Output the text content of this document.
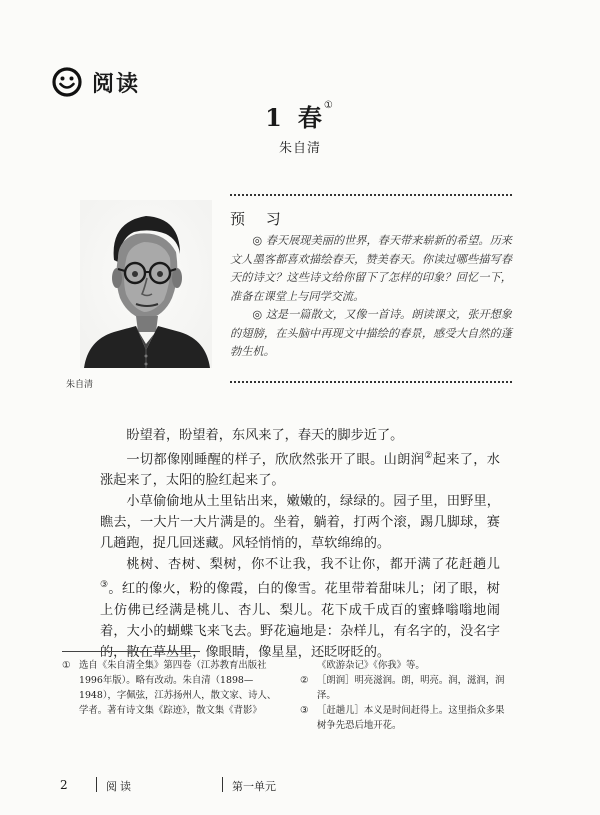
阅读
1 春①
朱自清
朱自清
预 习

◎ 春天展现美丽的世界，春天带来崭新的希望。历来文人墨客都喜欢描绘春天，赞美春天。你读过哪些描写春天的诗文？这些诗文给你留下了怎样的印象？回忆一下，准备在课堂上与同学交流。

◎ 这是一篇散文，又像一首诗。朗读课文，张开想象的翅膀，在头脑中再现文中描绘的春景，感受大自然的蓬勃生机。

盼望着，盼望着，东风来了，春天的脚步近了。

一切都像刚睡醒的样子，欣欣然张开了眼。山朗润②起来了，水涨起来了，太阳的脸红起来了。

小草偷偷地从土里钻出来，嫩嫩的，绿绿的。园子里，田野里，瞧去，一大片一大片满是的。坐着，躺着，打两个滚，踢几脚球，赛几趟跑，捉几回迷藏。风轻悄悄的，草软绵绵的。

桃树、杏树、梨树，你不让我，我不让你，都开满了花赶趟儿③。红的像火，粉的像霞，白的像雪。花里带着甜味儿；闭了眼，树上仿佛已经满是桃儿、杏儿、梨儿。花下成千成百的蜜蜂嗡嗡地闹着，大小的蝴蝶飞来飞去。野花遍地是：杂样儿，有名字的，没名字的，散在草丛里，像眼睛，像星星，还眨呀眨的。

① 选自《朱自清全集》第四卷（江苏教育出版社1996年版）。略有改动。朱自清（1898—1948），字佩弦，江苏扬州人，散文家、诗人、学者。著有诗文集《踪迹》，散文集《背影》
《欧游杂记》《你我》等。
② ［朗润］明亮滋润。朗，明亮。润，滋润，润泽。
③ ［赶趟儿］本义是时间赶得上。这里指众多果树争先恐后地开花。
2	阅读	第一单元
